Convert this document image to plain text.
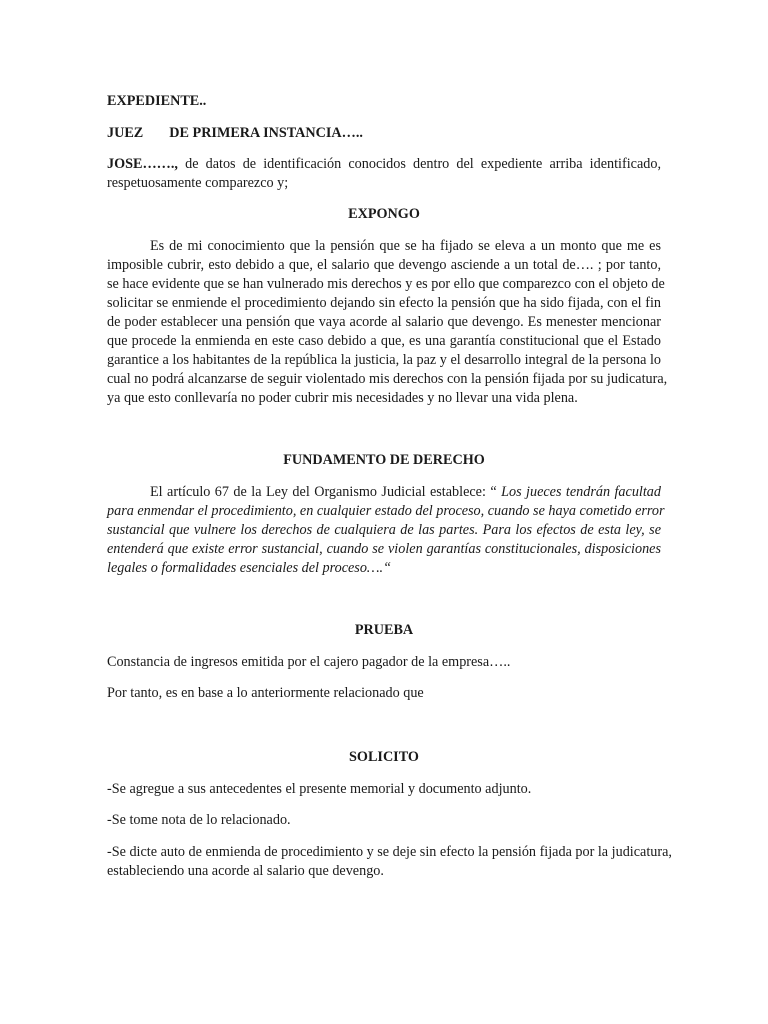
EXPEDIENTE..
JUEZ DE PRIMERA INSTANCIA…..
JOSE……., de datos de identificación conocidos dentro del expediente arriba identificado,
respetuosamente comparezco y;
EXPONGO
Es de mi conocimiento que la pensión que se ha fijado se eleva a un monto que me es
imposible cubrir, esto debido a que, el salario que devengo asciende a un total de…. ; por tanto,
se hace evidente que se han vulnerado mis derechos y es por ello que comparezco con el objeto de
solicitar se enmiende el procedimiento dejando sin efecto la pensión que ha sido fijada, con el fin
de poder establecer una pensión que vaya acorde al salario que devengo. Es menester mencionar
que procede la enmienda en este caso debido a que, es una garantía constitucional que el Estado
garantice a los habitantes de la república la justicia, la paz y el desarrollo integral de la persona lo
cual no podrá alcanzarse de seguir violentado mis derechos con la pensión fijada por su judicatura,
ya que esto conllevaría no poder cubrir mis necesidades y no llevar una vida plena.
FUNDAMENTO DE DERECHO
El artículo 67 de la Ley del Organismo Judicial establece: “ Los jueces tendrán facultad
para enmendar el procedimiento, en cualquier estado del proceso, cuando se haya cometido error
sustancial que vulnere los derechos de cualquiera de las partes. Para los efectos de esta ley, se
entenderá que existe error sustancial, cuando se violen garantías constitucionales, disposiciones
legales o formalidades esenciales del proceso….“
PRUEBA
Constancia de ingresos emitida por el cajero pagador de la empresa…..
Por tanto, es en base a lo anteriormente relacionado que
SOLICITO
-Se agregue a sus antecedentes el presente memorial y documento adjunto.
-Se tome nota de lo relacionado.
-Se dicte auto de enmienda de procedimiento y se deje sin efecto la pensión fijada por la judicatura,
estableciendo una acorde al salario que devengo.
